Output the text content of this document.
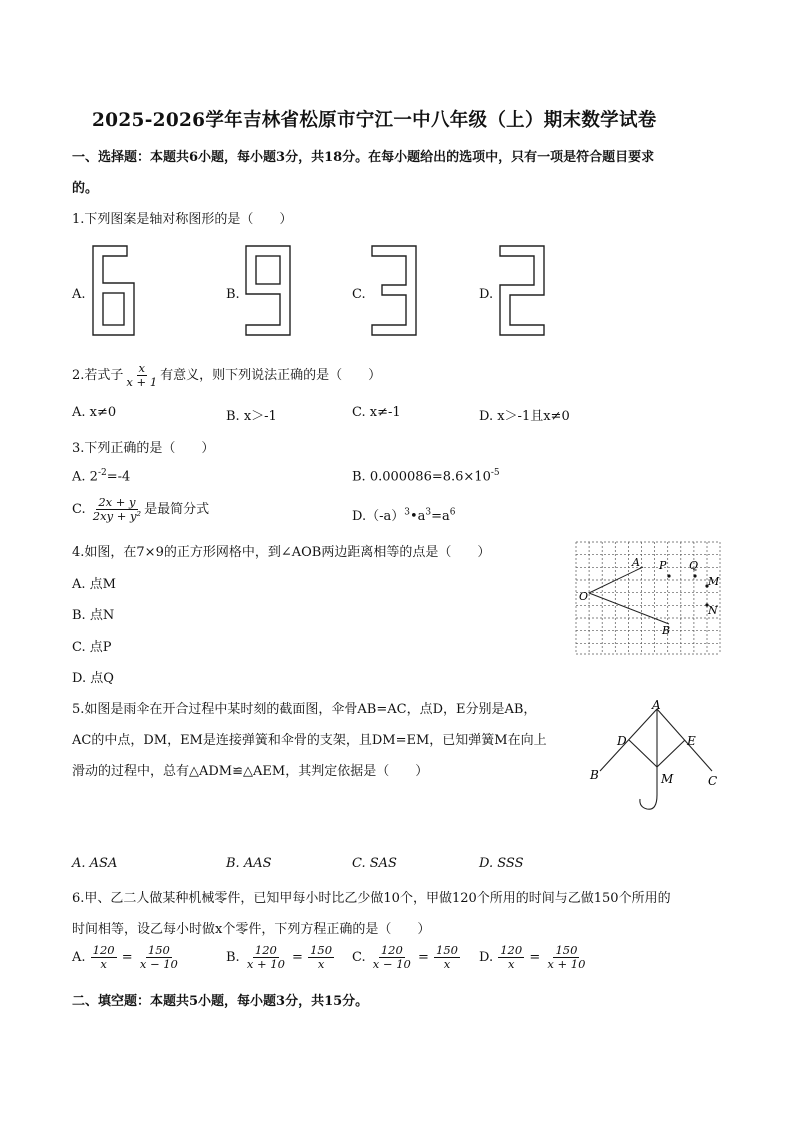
2025-2026学年吉林省松原市宁江一中八年级（上）期末数学试卷
一、选择题：本题共6小题，每小题3分，共18分。在每小题给出的选项中，只有一项是符合题目要求
的。
1.下列图案是轴对称图形的是（　　）
A.	B.	C.	D.
2.若式子 $\frac{x}{x + 1}$ 有意义，则下列说法正确的是（　　）
A. x≠0	B. x＞-1	C. x≠-1	D. x＞-1且x≠0
3.下列正确的是（　　）
A. $2^{-2}=-4$	B. $0.000086=8.6\times 10^{-5}$
C. $\frac{2x + y}{\text{2xy + y²}}$ 是最简分式	$D.(-a)^3•a^3=a^6$
4.如图，在7×9的正方形网格中，到∠AOB两边距离相等的点是（　　）
A. 点M
B. 点N
C. 点P
D. 点Q
A P Q
M
O
N
B
5.如图是雨伞在开合过程中某时刻的截面图，伞骨AB=AC，点D，E分别是AB，
AC的中点，DM，EM是连接弹簧和伞骨的支架，且DM=EM，已知弹簧M在向上
滑动的过程中，总有△ADM≌△AEM，其判定依据是（　　）
A
D	E
B	M	C
A. ASA	B. AAS	C. SAS	D. SSS
6.甲、乙二人做某种机械零件，已知甲每小时比乙少做10个，甲做120个所用的时间与乙做150个所用的
时间相等，设乙每小时做x个零件，下列方程正确的是（　　）
A. $\frac{120}{x} = \frac{150}{x - 10}$	B. $\frac{120}{x + 10} = \frac{150}{x} C$. $\frac{120}{x - 10} = \frac{150}{x} D$. $\frac{120}{x} = \frac{150}{x + 10}$
二、填空题：本题共5小题，每小题3分，共15分。
